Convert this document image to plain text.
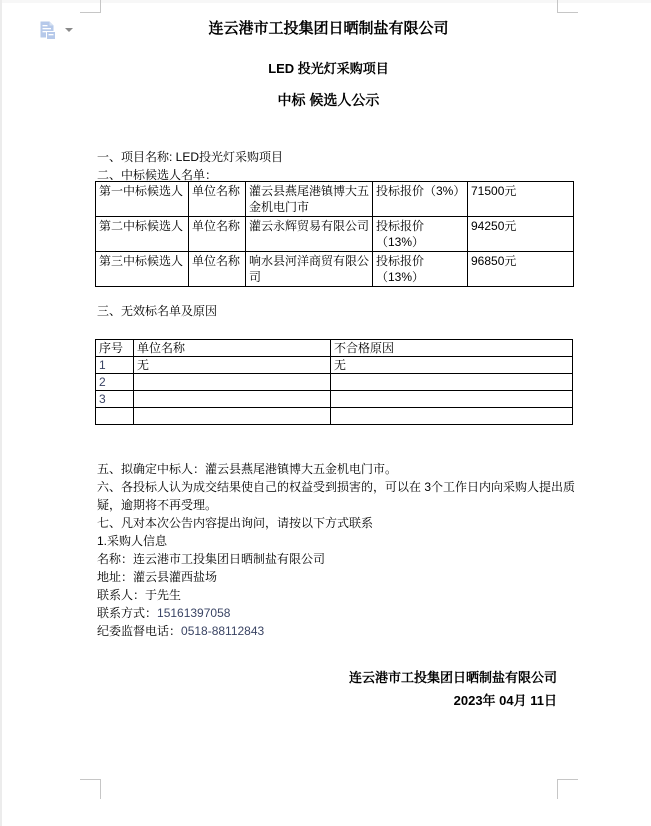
连云港市工投集团日晒制盐有限公司
LED 投光灯采购项目
中标 候选人公示
一、项目名称: LED投光灯采购项目
二、中标候选人名单：
第一中标候选人	单位名称	灌云县燕尾港镇博大五金机电门市	投标报价（3%）	71500元
第二中标候选人	单位名称	灌云永辉贸易有限公司	投标报价（13%）	94250元
第三中标候选人	单位名称	响水县河洋商贸有限公司	投标报价（13%）	96850元
三、无效标名单及原因
序号	单位名称	不合格原因
1	无	无
2		
3		

五、拟确定中标人：灌云县燕尾港镇博大五金机电门市。
六、各投标人认为成交结果使自己的权益受到损害的，可以在 3个工作日内向采购人提出质疑，逾期将不再受理。
七、凡对本次公告内容提出询问，请按以下方式联系
1.采购人信息
名称：连云港市工投集团日晒制盐有限公司
地址：灌云县灌西盐场
联系人：于先生
联系方式：15161397058
纪委监督电话：0518-88112843
连云港市工投集团日晒制盐有限公司
2023年 04月 11日
